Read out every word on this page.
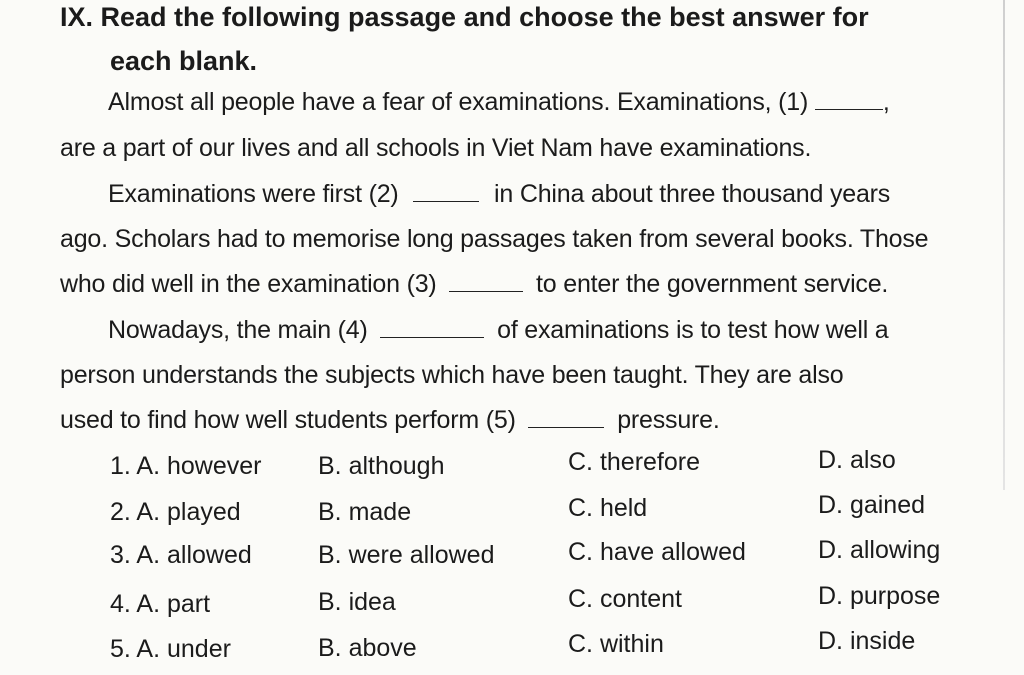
IX. Read the following passage and choose the best answer for
each blank.
Almost all people have a fear of examinations. Examinations, (1)	,
are a part of our lives and all schools in Viet Nam have examinations.
Examinations were first (2)	in China about three thousand years
ago. Scholars had to memorise long passages taken from several books. Those
who did well in the examination (3)	to enter the government service.
Nowadays, the main (4)	of examinations is to test how well a
person understands the subjects which have been taught. They are also
used to find how well students perform (5)	pressure.
1. A. however B. although	C. therefore	D. also
2. A. played	B. made	C. held	D. gained
3. A. allowed	B. were allowed	C. have allowed	D. allowing
4. A. part	B. idea	C. content	D. purpose
5. A. under	B. above	C. within	D. inside
